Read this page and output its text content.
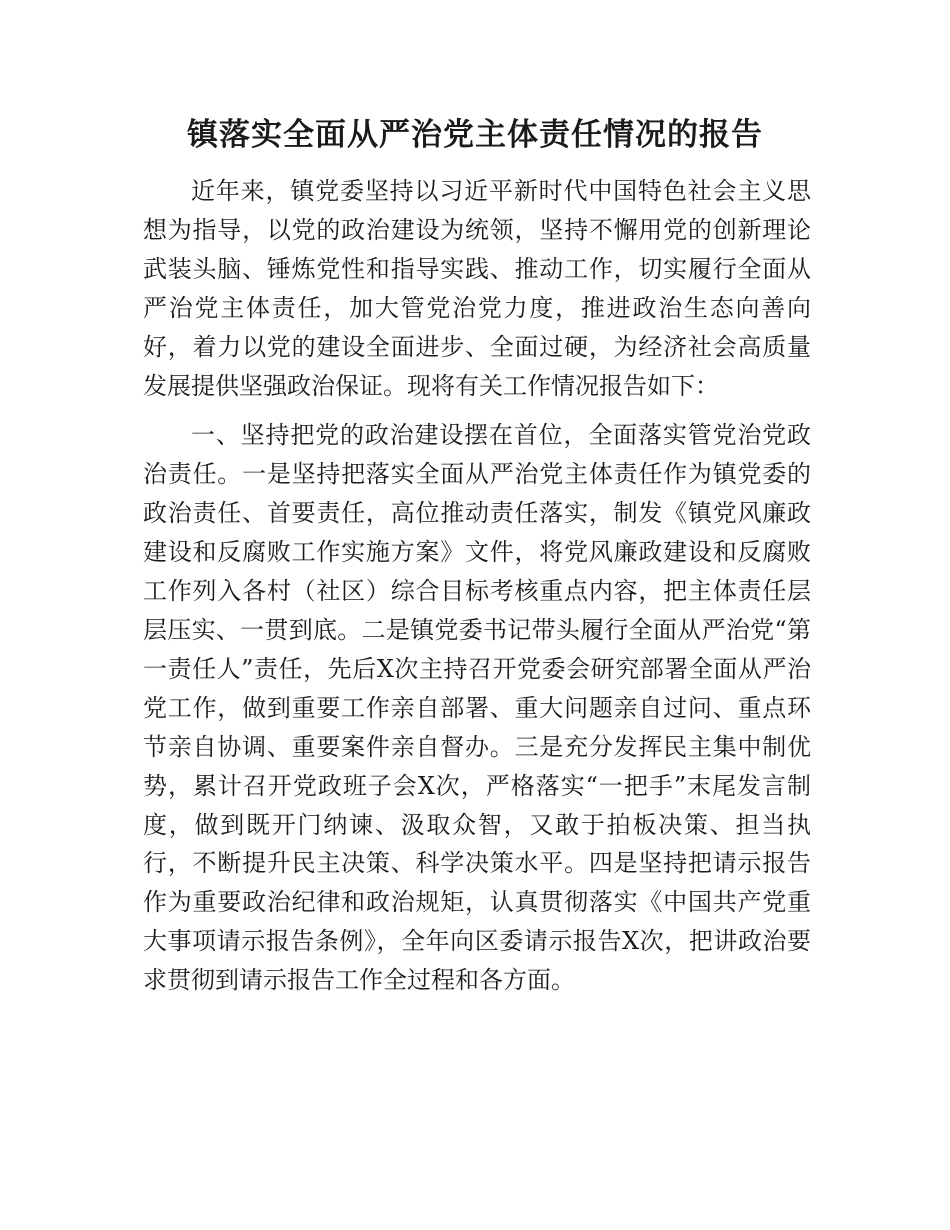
镇落实全面从严治党主体责任情况的报告

近年来，镇党委坚持以习近平新时代中国特色社会主义思想为指导，以党的政治建设为统领，坚持不懈用党的创新理论武装头脑、锤炼党性和指导实践、推动工作，切实履行全面从严治党主体责任，加大管党治党力度，推进政治生态向善向好，着力以党的建设全面进步、全面过硬，为经济社会高质量发展提供坚强政治保证。现将有关工作情况报告如下：

一、坚持把党的政治建设摆在首位，全面落实管党治党政治责任。一是坚持把落实全面从严治党主体责任作为镇党委的政治责任、首要责任，高位推动责任落实，制发《镇党风廉政建设和反腐败工作实施方案》文件，将党风廉政建设和反腐败工作列入各村（社区）综合目标考核重点内容，把主体责任层层压实、一贯到底。二是镇党委书记带头履行全面从严治党“第一责任人”责任，先后X次主持召开党委会研究部署全面从严治党工作，做到重要工作亲自部署、重大问题亲自过问、重点环节亲自协调、重要案件亲自督办。三是充分发挥民主集中制优势，累计召开党政班子会X次，严格落实“一把手”末尾发言制度，做到既开门纳谏、汲取众智，又敢于拍板决策、担当执行，不断提升民主决策、科学决策水平。四是坚持把请示报告作为重要政治纪律和政治规矩，认真贯彻落实《中国共产党重大事项请示报告条例》，全年向区委请示报告X次，把讲政治要求贯彻到请示报告工作全过程和各方面。
